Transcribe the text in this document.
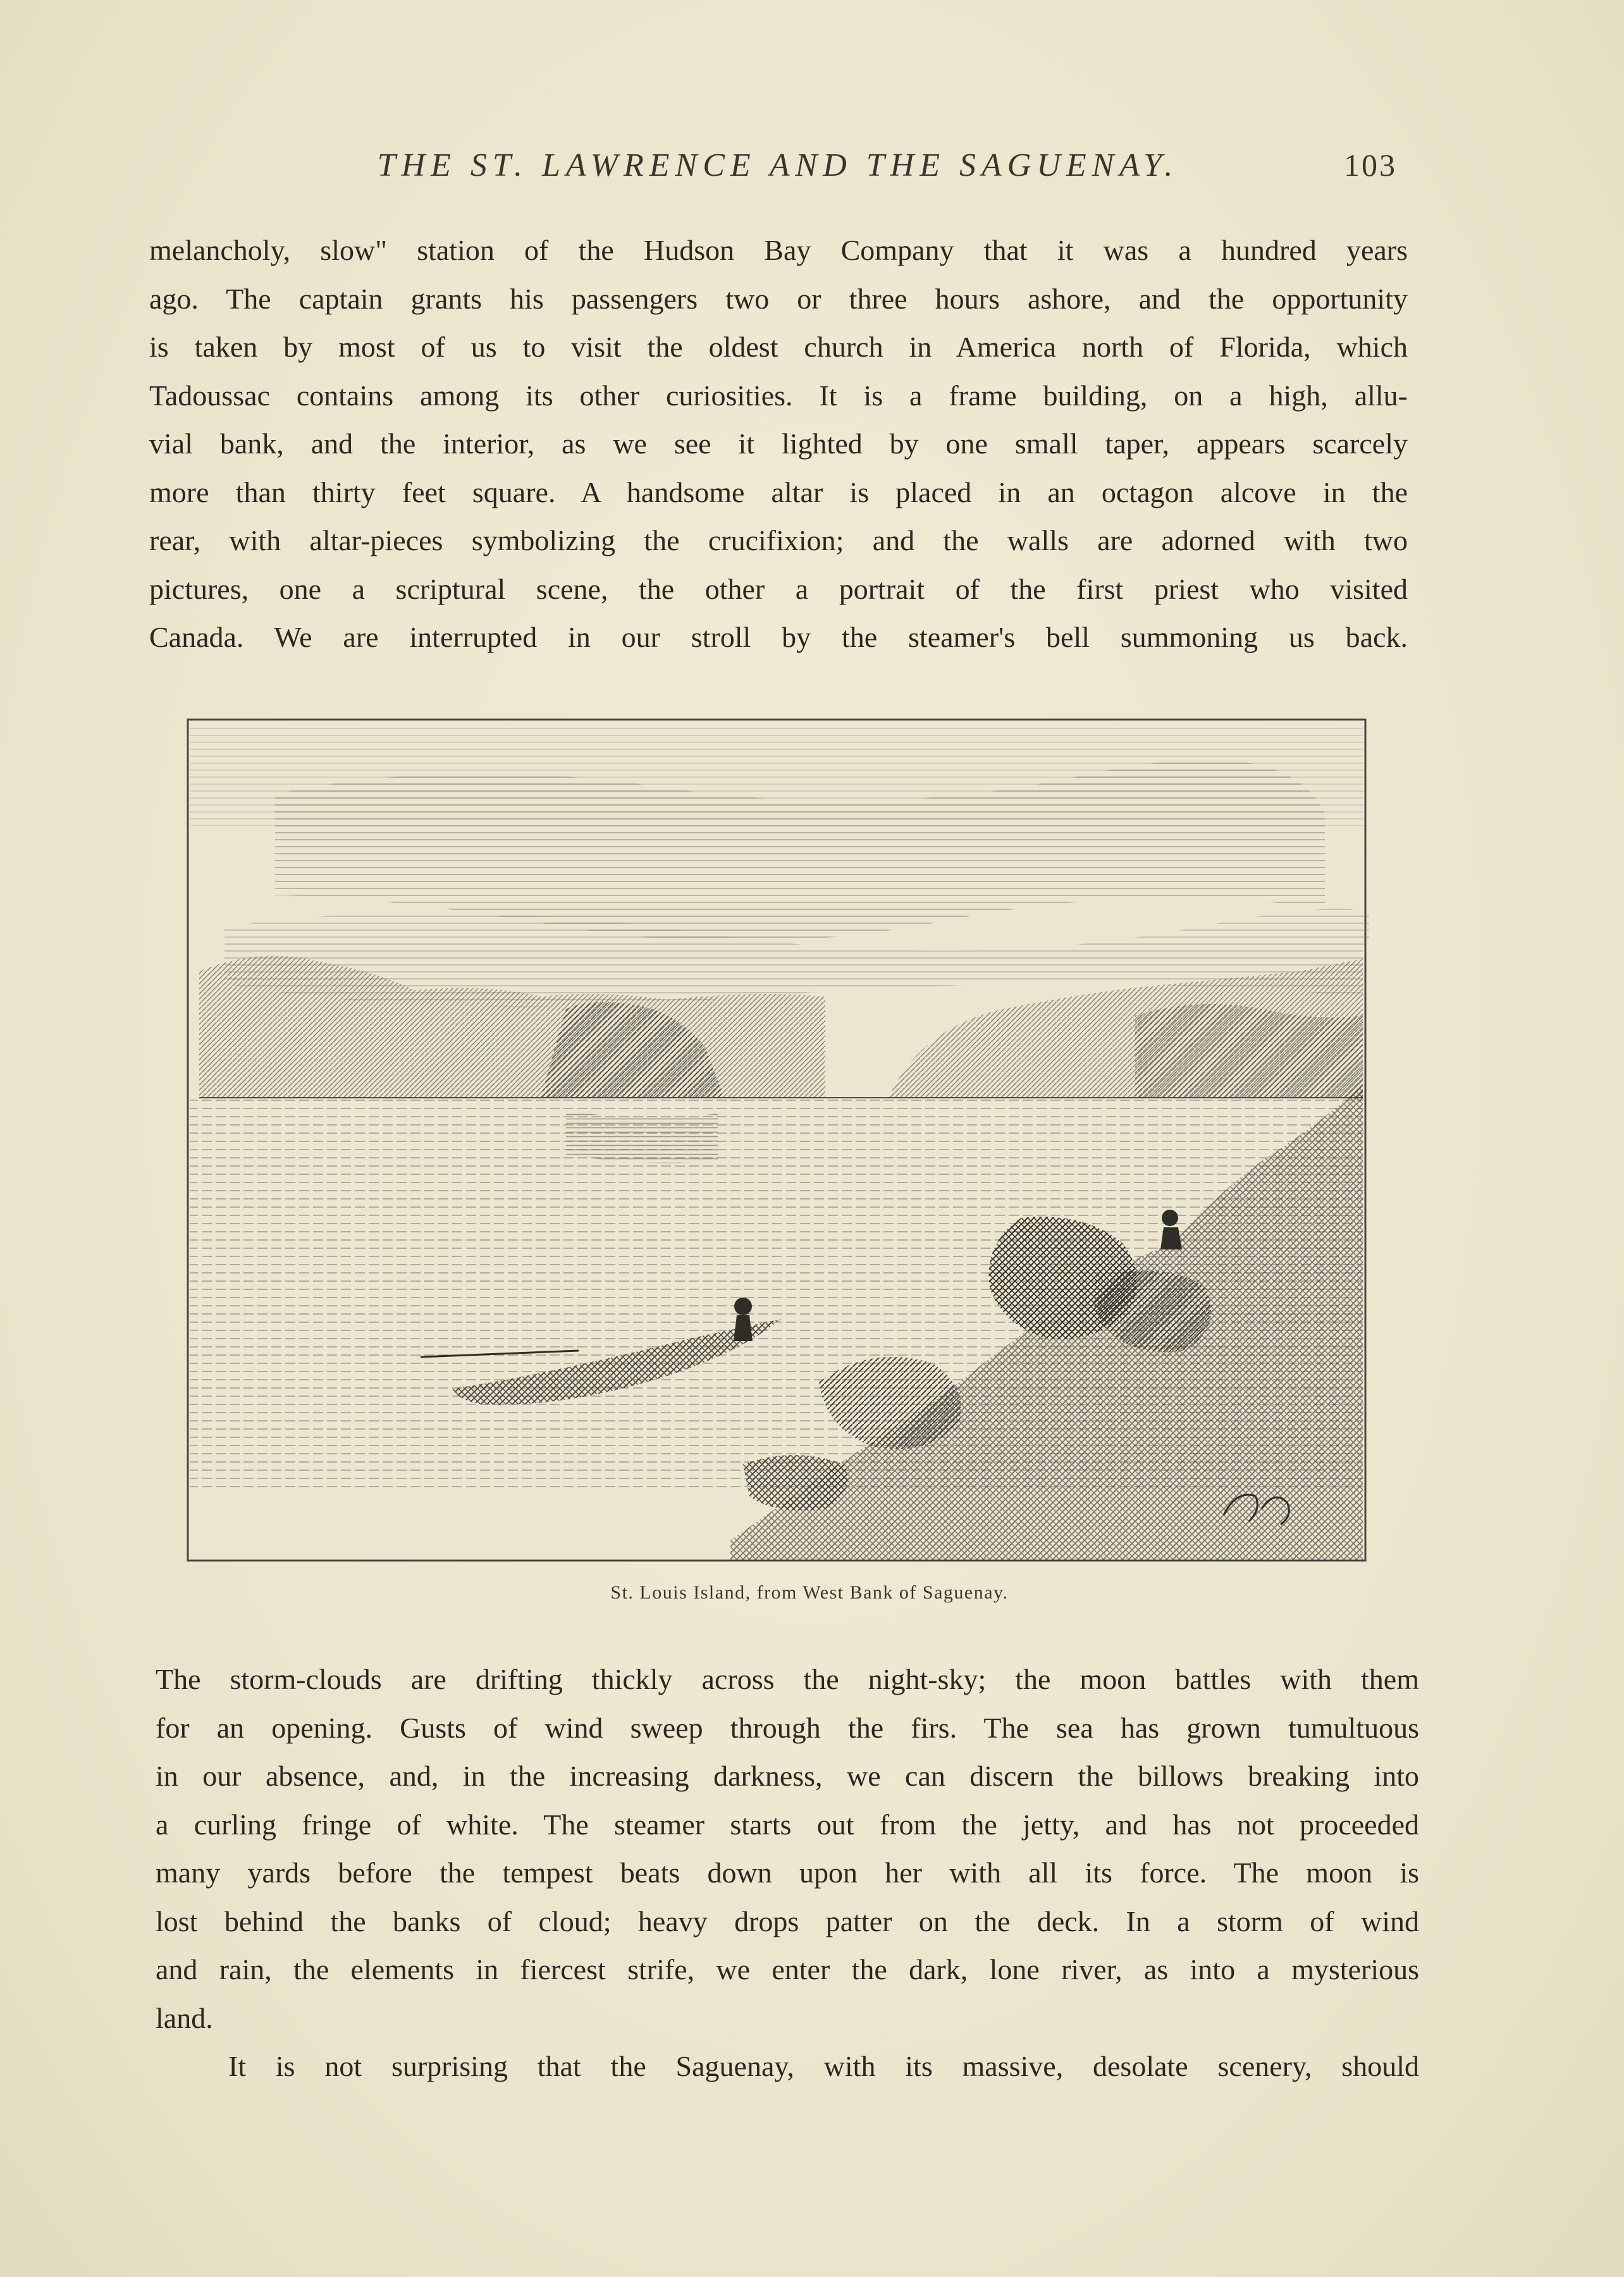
THE ST. LAWRENCE AND THE SAGUENAY.	103
melancholy, slow" station of the Hudson Bay Company that it was a hundred years
ago. The captain grants his passengers two or three hours ashore, and the opportunity
is taken by most of us to visit the oldest church in America north of Florida, which
Tadoussac contains among its other curiosities. It is a frame building, on a high, allu-
vial bank, and the interior, as we see it lighted by one small taper, appears scarcely
more than thirty feet square. A handsome altar is placed in an octagon alcove in the
rear, with altar-pieces symbolizing the crucifixion; and the walls are adorned with two
pictures, one a scriptural scene, the other a portrait of the first priest who visited
Canada. We are interrupted in our stroll by the steamer's bell summoning us back.
St. Louis Island, from West Bank of Saguenay.
The storm-clouds are drifting thickly across the night-sky; the moon battles with them
for an opening. Gusts of wind sweep through the firs. The sea has grown tumultuous
in our absence, and, in the increasing darkness, we can discern the billows breaking into
a curling fringe of white. The steamer starts out from the jetty, and has not proceeded
many yards before the tempest beats down upon her with all its force. The moon is
lost behind the banks of cloud; heavy drops patter on the deck. In a storm of wind
and rain, the elements in fiercest strife, we enter the dark, lone river, as into a mysterious
land.
It is not surprising that the Saguenay, with its massive, desolate scenery, should
